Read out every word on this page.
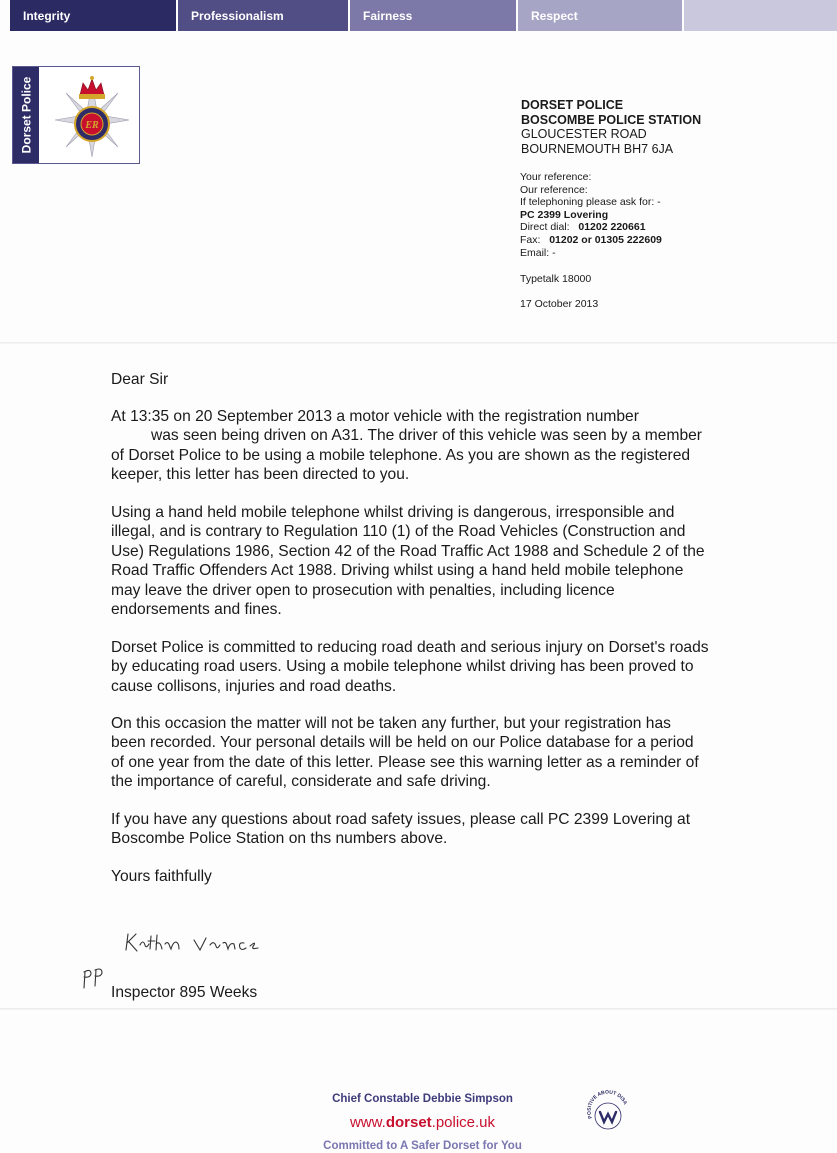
Integrity	Professionalism	Fairness	Respect
Dorset Police	ER
DORSET POLICE
BOSCOMBE POLICE STATION
GLOUCESTER ROAD
BOURNEMOUTH BH7 6JA
Your reference:
Our reference:
If telephoning please ask for: -
PC 2399 Lovering
Direct dial: 01202 220661
Fax: 01202 or 01305 222609
Email: -
Typetalk 18000
17 October 2013
Dear Sir
At 13:35 on 20 September 2013 a motor vehicle with the registration number
was seen being driven on A31. The driver of this vehicle was seen by a member
of Dorset Police to be using a mobile telephone. As you are shown as the registered
keeper, this letter has been directed to you.
Using a hand held mobile telephone whilst driving is dangerous, irresponsible and
illegal, and is contrary to Regulation 110 (1) of the Road Vehicles (Construction and
Use) Regulations 1986, Section 42 of the Road Traffic Act 1988 and Schedule 2 of the
Road Traffic Offenders Act 1988. Driving whilst using a hand held mobile telephone
may leave the driver open to prosecution with penalties, including licence
endorsements and fines.
Dorset Police is committed to reducing road death and serious injury on Dorset's roads
by educating road users. Using a mobile telephone whilst driving has been proved to
cause collisons, injuries and road deaths.
On this occasion the matter will not be taken any further, but your registration has
been recorded. Your personal details will be held on our Police database for a period
of one year from the date of this letter. Please see this warning letter as a reminder of
the importance of careful, considerate and safe driving.
If you have any questions about road safety issues, please call PC 2399 Lovering at
Boscombe Police Station on ths numbers above.
Yours faithfully
Inspector 895 Weeks
Chief Constable Debbie Simpson
www.dorset.police.uk
Committed to A Safer Dorset for You
POSITIVE ABOUT DISA
